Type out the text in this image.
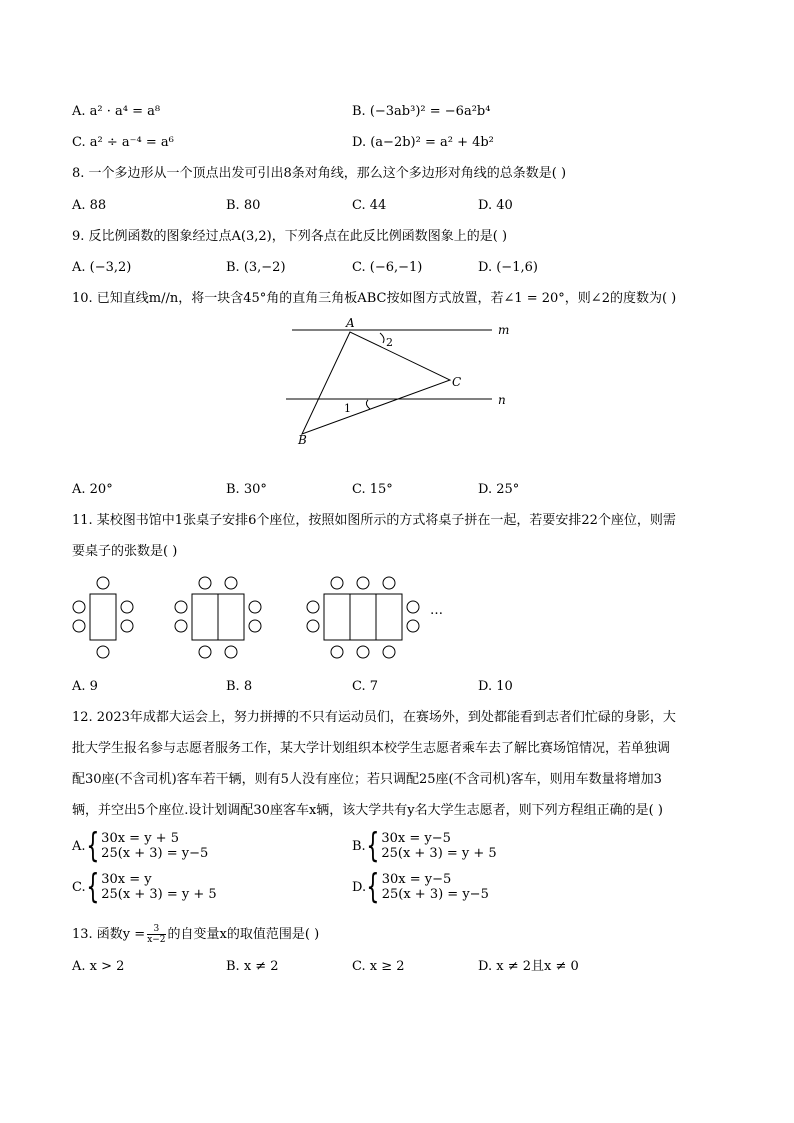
A. a² · a⁴ = a⁸	B. (−3ab³)² = −6a²b⁴
C. a² ÷ a⁻⁴ = a⁶	D. (a−2b)² = a² + 4b²
8. 一个多边形从一个顶点出发可引出8条对角线，那么这个多边形对角线的总条数是( )
A. 88	B. 80	C. 44	D. 40
9. 反比例函数的图象经过点A(3,2)，下列各点在此反比例函数图象上的是( )
A. (−3,2)	B. (3,−2)	C. (−6,−1)	D. (−1,6)
10. 已知直线m//n，将一块含45°角的直角三角板ABC按如图方式放置，若∠1 = 20°，则∠2的度数为( )
A
B
C
m
n
2
1
A. 20°	B. 30°	C. 15°	D. 25°
11. 某校图书馆中1张桌子安排6个座位，按照如图所示的方式将桌子拼在一起，若要安排22个座位，则需
要桌子的张数是( )
…
A. 9	B. 8	C. 7	D. 10
12. 2023年成都大运会上，努力拼搏的不只有运动员们，在赛场外，到处都能看到志者们忙碌的身影，大
批大学生报名参与志愿者服务工作，某大学计划组织本校学生志愿者乘车去了解比赛场馆情况，若单独调
配30座(不含司机)客车若干辆，则有5人没有座位；若只调配25座(不含司机)客车，则用车数量将增加3
辆，并空出5个座位.设计划调配30座客车x辆，该大学共有y名大学生志愿者，则下列方程组正确的是( )
A. { 30x = y + 5
25(x + 3) = y−5	B. { 30x = y−5
25(x + 3) = y + 5
C. { 30x = y
25(x + 3) = y + 5	D. { 30x = y−5
25(x + 3) = y−5
13. 函数y = 3
x−2 的自变量x的取值范围是( )
A. x > 2	B. x ≠ 2	C. x ≥ 2	D. x ≠ 2且x ≠ 0
